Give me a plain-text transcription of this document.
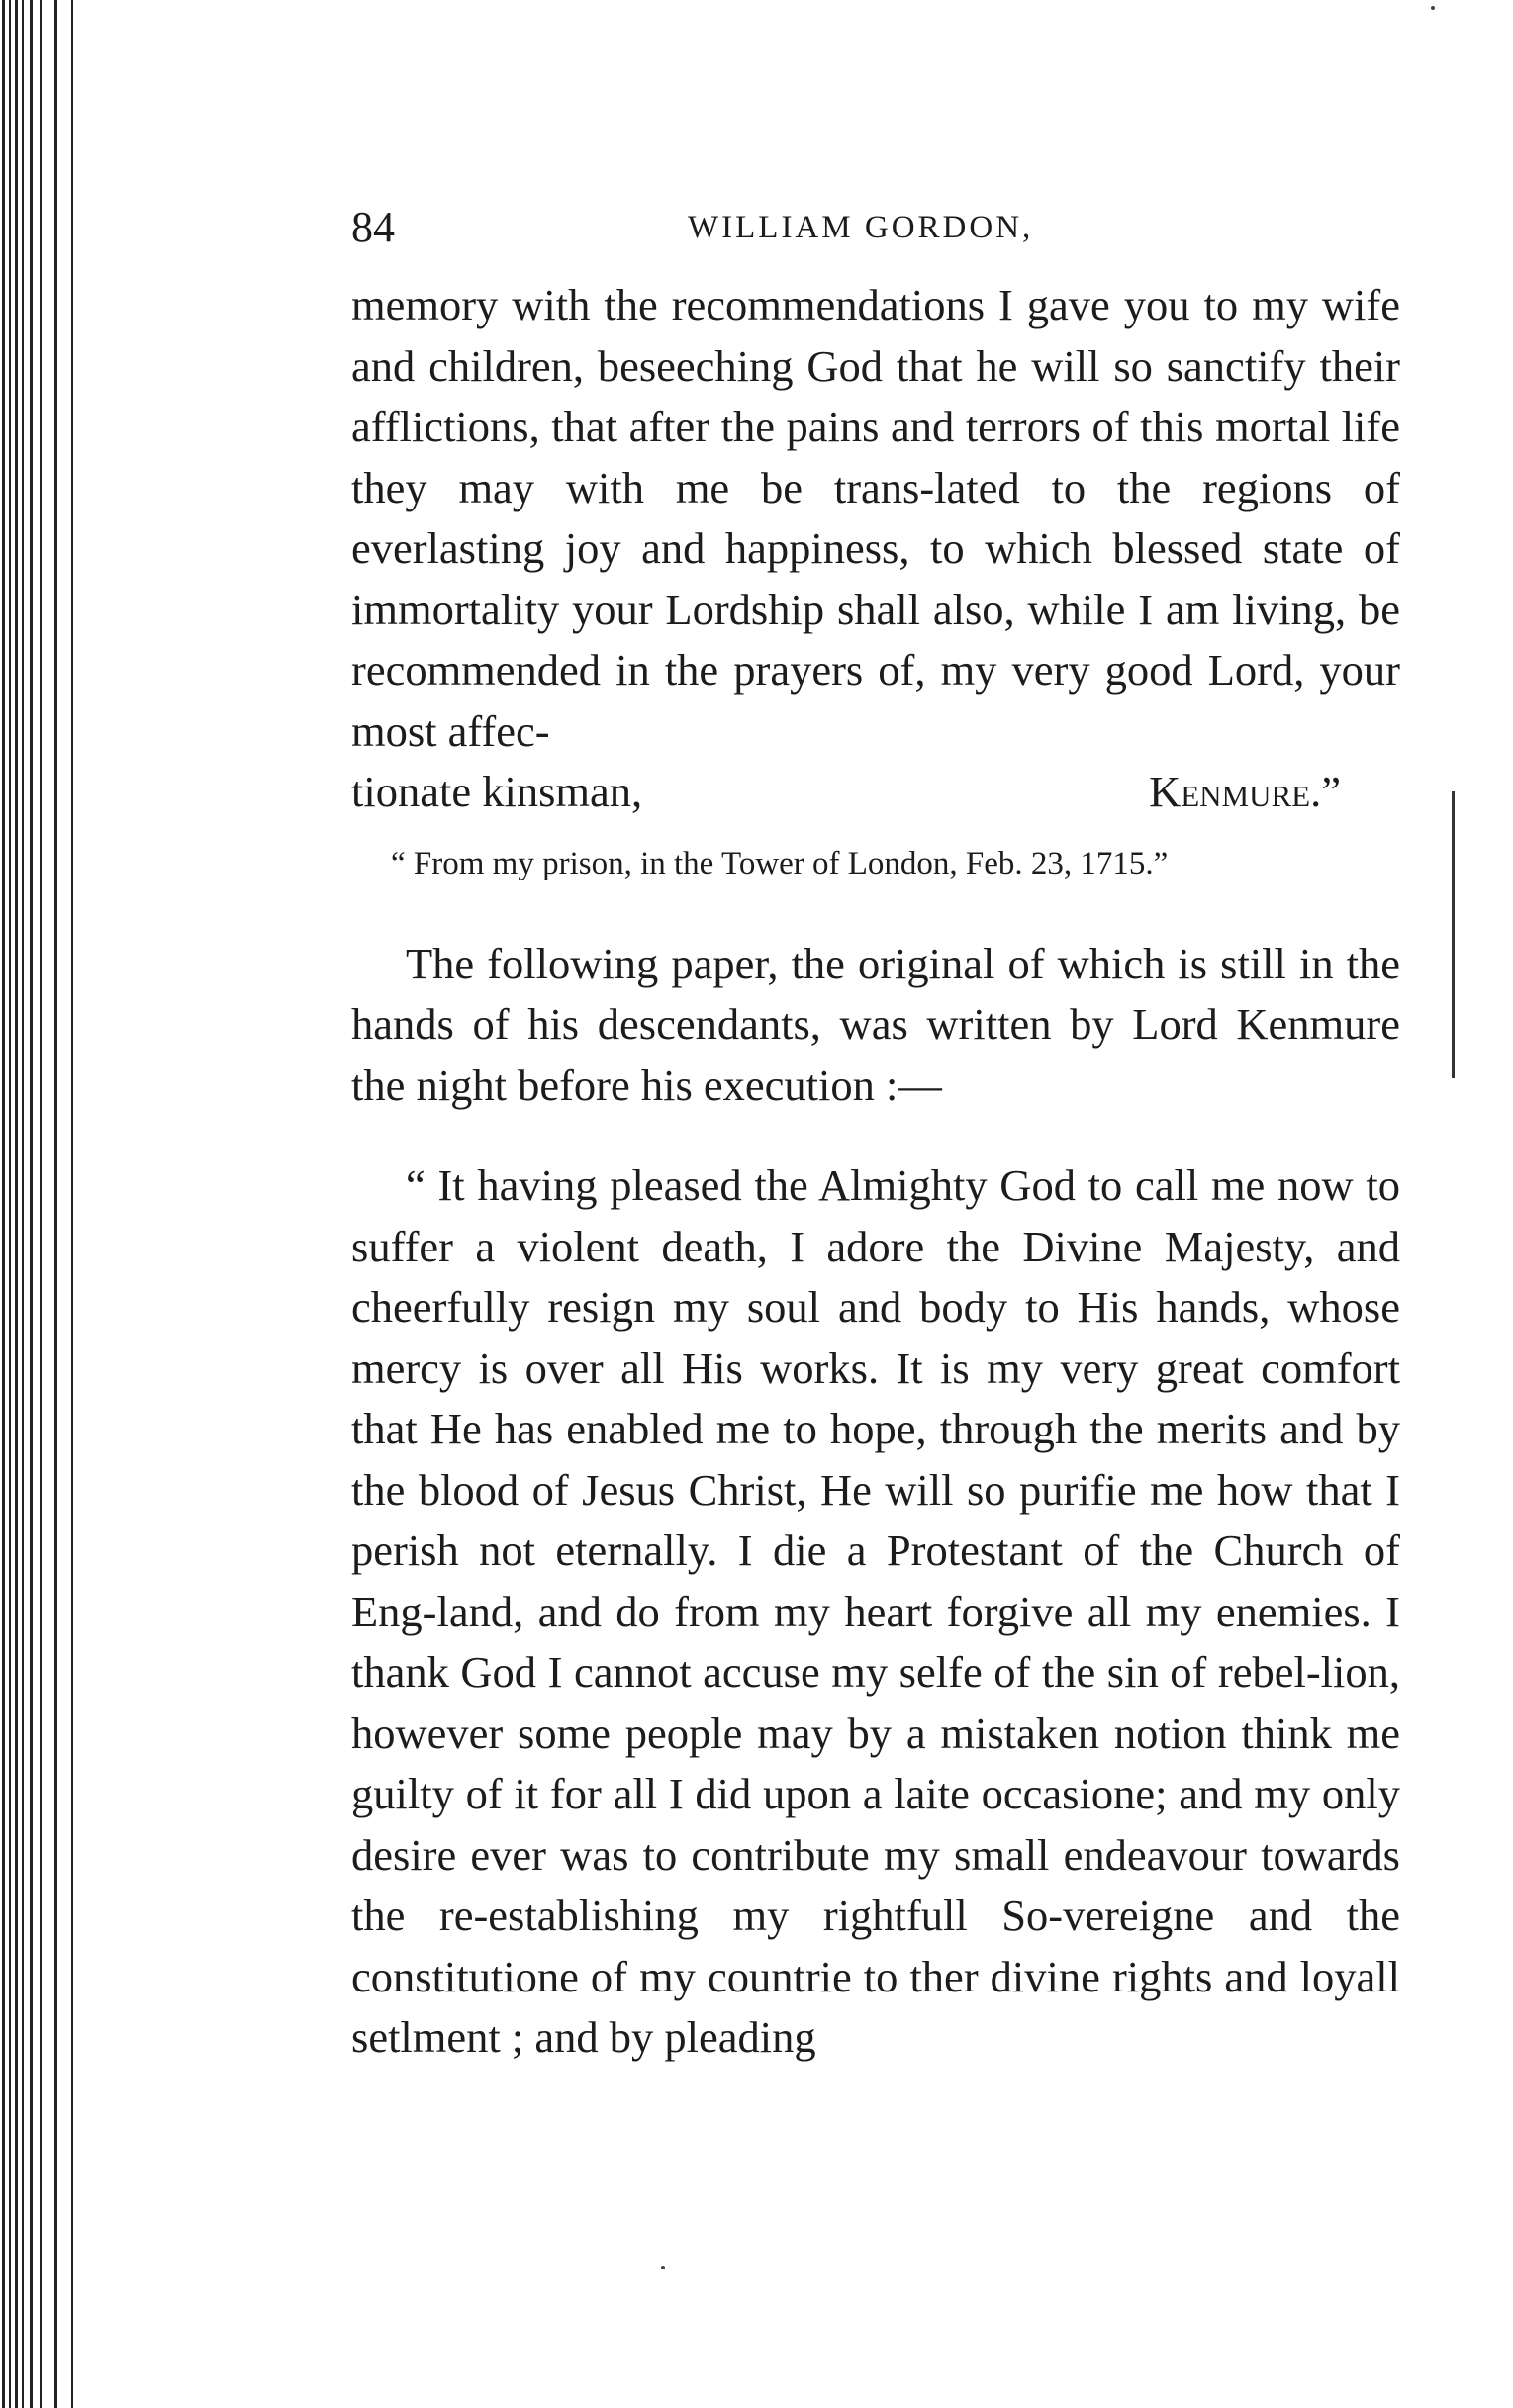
84	WILLIAM GORDON,

memory with the recommendations I gave you to my wife and children, beseeching God that he will so sanctify their afflictions, that after the pains and terrors of this mortal life they may with me be trans-lated to the regions of everlasting joy and happiness, to which blessed state of immortality your Lordship shall also, while I am living, be recommended in the prayers of, my very good Lord, your most affec-

tionate kinsman,	Kenmure.”

“ From my prison, in the Tower of London, Feb. 23, 1715.”

The following paper, the original of which is still in the hands of his descendants, was written by Lord Kenmure the night before his execution :—

“ It having pleased the Almighty God to call me now to suffer a violent death, I adore the Divine Majesty, and cheerfully resign my soul and body to His hands, whose mercy is over all His works. It is my very great comfort that He has enabled me to hope, through the merits and by the blood of Jesus Christ, He will so purifie me how that I perish not eternally. I die a Protestant of the Church of Eng-land, and do from my heart forgive all my enemies. I thank God I cannot accuse my selfe of the sin of rebel-lion, however some people may by a mistaken notion think me guilty of it for all I did upon a laite occasione; and my only desire ever was to contribute my small endeavour towards the re-establishing my rightfull So-vereigne and the constitutione of my countrie to ther divine rights and loyall setlment ; and by pleading
